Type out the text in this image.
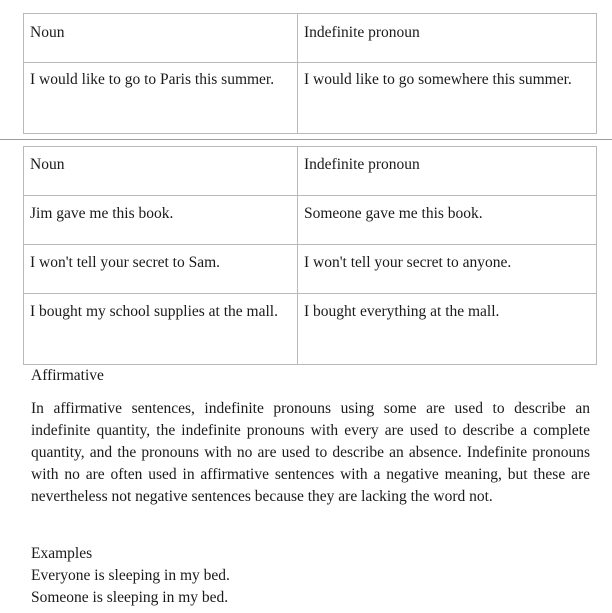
Noun	Indefinite pronoun
I would like to go to Paris this summer.	I would like to go somewhere this summer.
Noun	Indefinite pronoun
Jim gave me this book.	Someone gave me this book.
I won't tell your secret to Sam.	I won't tell your secret to anyone.
I bought my school supplies at the mall.	I bought everything at the mall.
Affirmative
In affirmative sentences, indefinite pronouns using some are used to describe an indefinite quantity, the indefinite pronouns with every are used to describe a complete quantity, and the pronouns with no are used to describe an absence. Indefinite pronouns with no are often used in affirmative sentences with a negative meaning, but these are nevertheless not negative sentences because they are lacking the word not.
Examples
Everyone is sleeping in my bed.
Someone is sleeping in my bed.
